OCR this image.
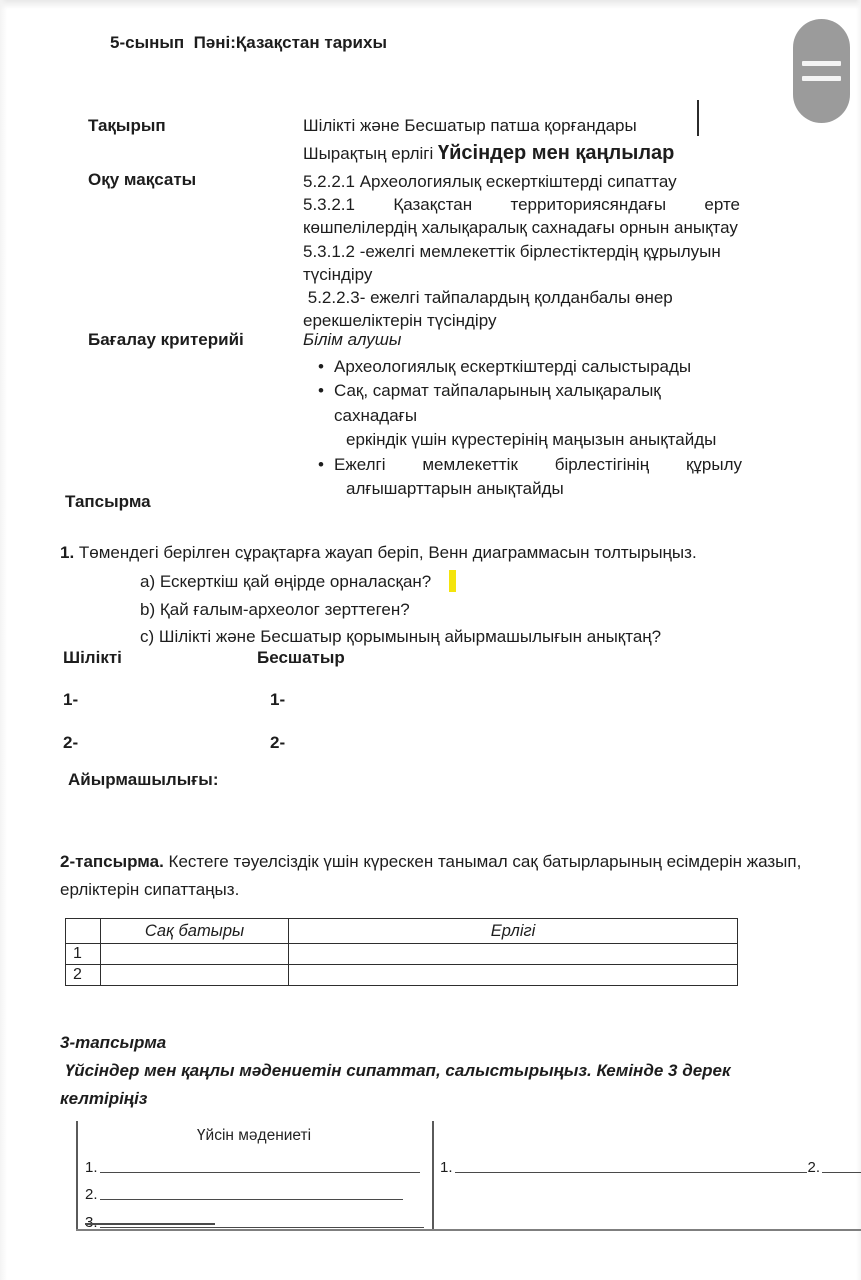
5-сынып  Пәні:Қазақстан тарихы
Тақырып	Шілікті және Бесшатыр патша қорғандары
Шырақтың ерлігі Үйсіндер мен қаңлылар
Оқу мақсаты	5.2.2.1 Археологиялық ескерткіштерді сипаттау
5.3.2.1 Қазақстан территориясяндағы ерте
көшпелілердің халықаралық сахнадағы орнын анықтау
5.3.1.2 -ежелгі мемлекеттік бірлестіктердің құрылуын
түсіндіру
5.2.2.3- ежелгі тайпалардың қолданбалы өнер
ерекшеліктерін түсіндіру
Бағалау критерийі	Білім алушы
• Археологиялық ескерткіштерді салыстырады
• Сақ, сармат тайпаларының халықаралық сахнадағы
еркіндік үшін күрестерінің маңызын анықтайды
• Ежелгі мемлекеттік бірлестігінің құрылу
алғышарттарын анықтайды
Тапсырма
1. Төмендегі берілген сұрақтарға жауап беріп, Венн диаграммасын толтырыңыз.
a) Ескерткіш қай өңірде орналасқан?
b) Қай ғалым-археолог зерттеген?
c) Шілікті және Бесшатыр қорымының айырмашылығын анықтаң?
Шілікті	Бесшатыр
1-	1-
2-	2-
Айырмашылығы:
2-тапсырма. Кестеге тәуелсіздік үшін күрескен танымал сақ батырларының есімдерін жазып,
ерліктерін сипаттаңыз.
	Сақ батыры	Ерлігі
1		
2		
3-тапсырма
Үйсіндер мен қаңлы мәдениетін сипаттап, салыстырыңыз. Кемінде 3 дерек
келтіріңіз
Үйсін мәдениеті
1.
2.
3.
1.	2.
